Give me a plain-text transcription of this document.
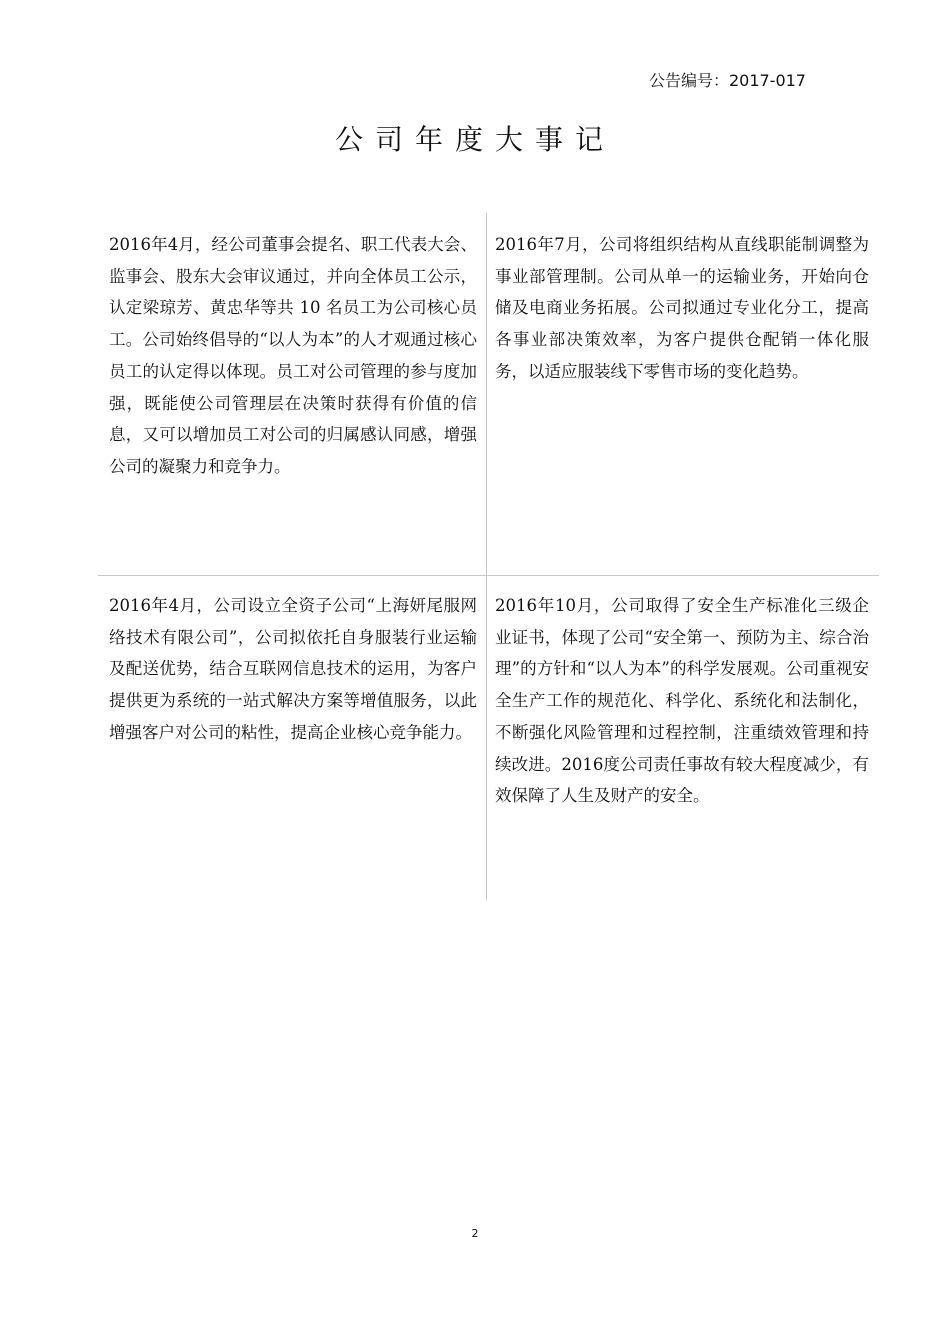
公告编号：2017-017
公司年度大事记

2016年4月，经公司董事会提名、职工代表大会、监事会、股东大会审议通过，并向全体员工公示，认定梁琼芳、黄忠华等共 10 名员工为公司核心员工。公司始终倡导的“以人为本”的人才观通过核心员工的认定得以体现。员工对公司管理的参与度加强，既能使公司管理层在决策时获得有价值的信息，又可以增加员工对公司的归属感认同感，增强公司的凝聚力和竞争力。

2016年7月，公司将组织结构从直线职能制调整为事业部管理制。公司从单一的运输业务，开始向仓储及电商业务拓展。公司拟通过专业化分工，提高各事业部决策效率，为客户提供仓配销一体化服务，以适应服装线下零售市场的变化趋势。

2016年4月，公司设立全资子公司“上海妍尾服网络技术有限公司”，公司拟依托自身服装行业运输及配送优势，结合互联网信息技术的运用，为客户提供更为系统的一站式解决方案等增值服务，以此增强客户对公司的粘性，提高企业核心竞争能力。

2016年10月，公司取得了安全生产标准化三级企业证书，体现了公司“安全第一、预防为主、综合治理”的方针和“以人为本”的科学发展观。公司重视安全生产工作的规范化、科学化、系统化和法制化，不断强化风险管理和过程控制，注重绩效管理和持续改进。2016度公司责任事故有较大程度减少，有效保障了人生及财产的安全。

2
